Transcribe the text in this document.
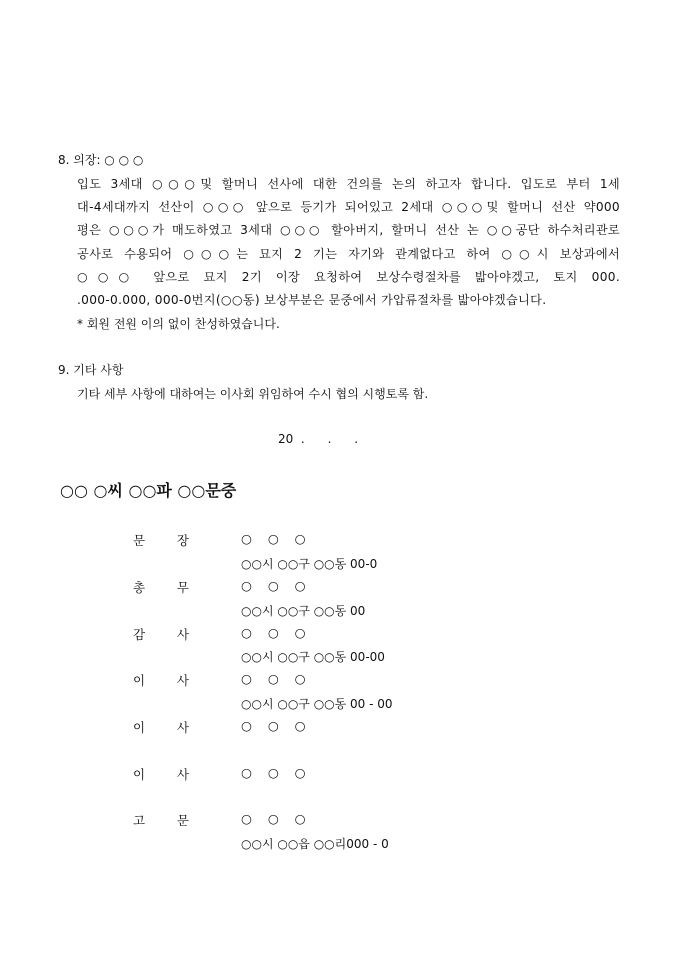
8. 의장: ○ ○ ○
입도 3세대 ○○○및 할머니 선사에 대한 건의를 논의 하고자 합니다. 입도로 부터 1세
대-4세대까지 선산이 ○○○ 앞으로 등기가 되어있고 2세대 ○○○및 할머니 선산 약000
평은 ○○○가 매도하였고 3세대 ○○○ 할아버지, 할머니 선산 논 ○○공단 하수처리관로
공사로 수용되어 ○○○는 묘지 2 기는 자기와 관계없다고 하여 ○○시 보상과에서
○○○ 앞으로 묘지 2기 이장 요청하여 보상수령절차를 밟아야겠고, 토지 000.
.000-0.000, 000-0번지(○○동) 보상부분은 문중에서 가압류절차를 밟아야겠습니다.
* 회원 전원 이의 없이 찬성하였습니다.
9. 기타 사항
기타 세부 사항에 대하여는 이사회 위임하여 수시 협의 시행토록 함.
20  .      .      .
○○ ○씨 ○○파 ○○문중
문	장	○   ○   ○
○○시 ○○구 ○○동 00-0
총	무	○   ○   ○
○○시 ○○구 ○○동 00
감	사	○   ○   ○
○○시 ○○구 ○○동 00-00
이	사	○   ○   ○
○○시 ○○구 ○○동 00 - 00
이	사	○   ○   ○
이	사	○   ○   ○
고	문	○   ○   ○
○○시 ○○읍 ○○리000 - 0
